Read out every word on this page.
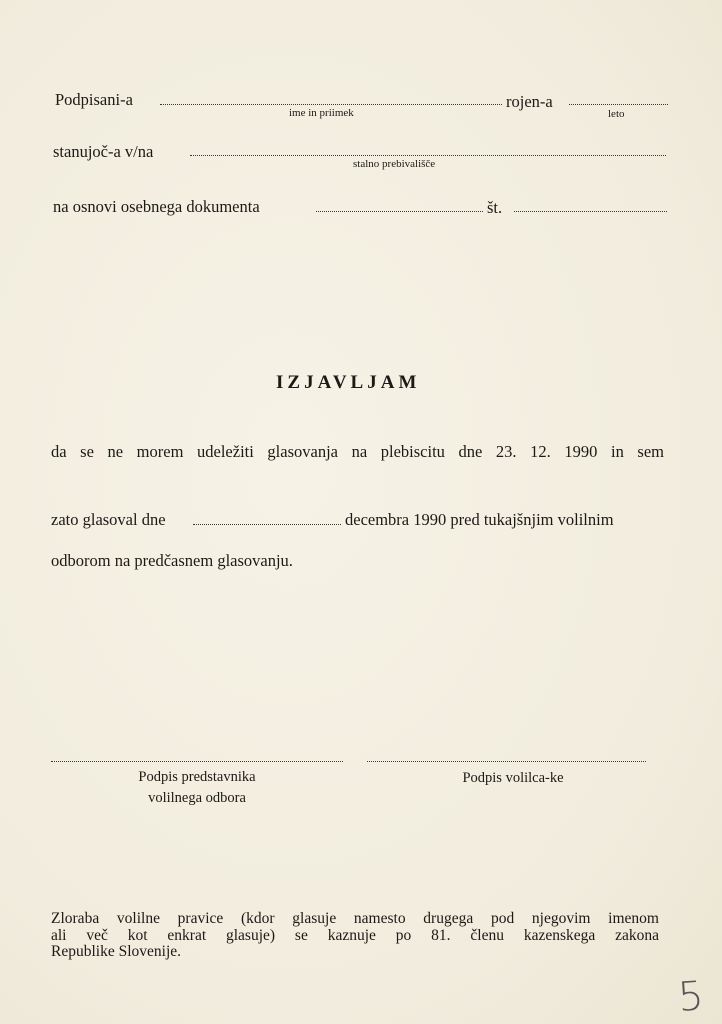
Podpisani-a
ime in priimek
rojen-a
leto
stanujoč-a v/na
stalno prebivališče
na osnovi osebnega dokumenta	št.
IZJAVLJAM
da se ne morem udeležiti glasovanja na plebiscitu dne 23. 12. 1990 in sem
zato glasoval dne	decembra 1990 pred tukajšnjim volilnim
odborom na predčasnem glasovanju.
Podpis predstavnika
volilnega odbora
Podpis volilca-ke
Zloraba volilne pravice (kdor glasuje namesto drugega pod njegovim imenom
ali več kot enkrat glasuje) se kaznuje po 81. členu kazenskega zakona
Republike Slovenije.
5
